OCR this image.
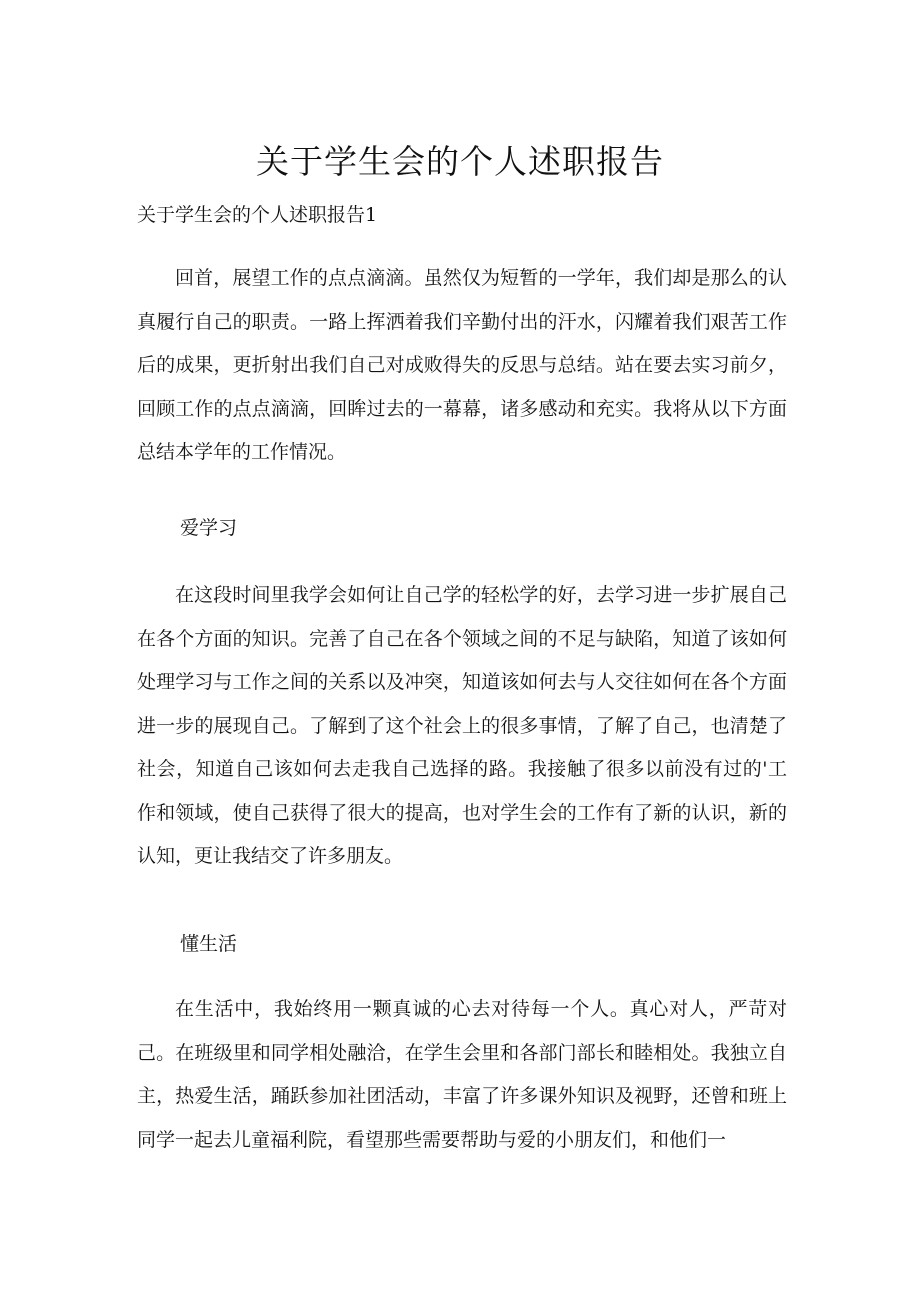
关于学生会的个人述职报告

关于学生会的个人述职报告1

回首，展望工作的点点滴滴。虽然仅为短暂的一学年，我们却是那么的认真履行自己的职责。一路上挥洒着我们辛勤付出的汗水，闪耀着我们艰苦工作后的成果，更折射出我们自己对成败得失的反思与总结。站在要去实习前夕，回顾工作的点点滴滴，回眸过去的一幕幕，诸多感动和充实。我将从以下方面总结本学年的工作情况。

爱学习

在这段时间里我学会如何让自己学的轻松学的好，去学习进一步扩展自己在各个方面的知识。完善了自己在各个领域之间的不足与缺陷，知道了该如何处理学习与工作之间的关系以及冲突，知道该如何去与人交往如何在各个方面进一步的展现自己。了解到了这个社会上的很多事情，了解了自己，也清楚了社会，知道自己该如何去走我自己选择的路。我接触了很多以前没有过的'工作和领域，使自己获得了很大的提高，也对学生会的工作有了新的认识，新的认知，更让我结交了许多朋友。

懂生活

在生活中，我始终用一颗真诚的心去对待每一个人。真心对人，严苛对己。在班级里和同学相处融洽，在学生会里和各部门部长和睦相处。我独立自主，热爱生活，踊跃参加社团活动，丰富了许多课外知识及视野，还曾和班上同学一起去儿童福利院，看望那些需要帮助与爱的小朋友们，和他们一
